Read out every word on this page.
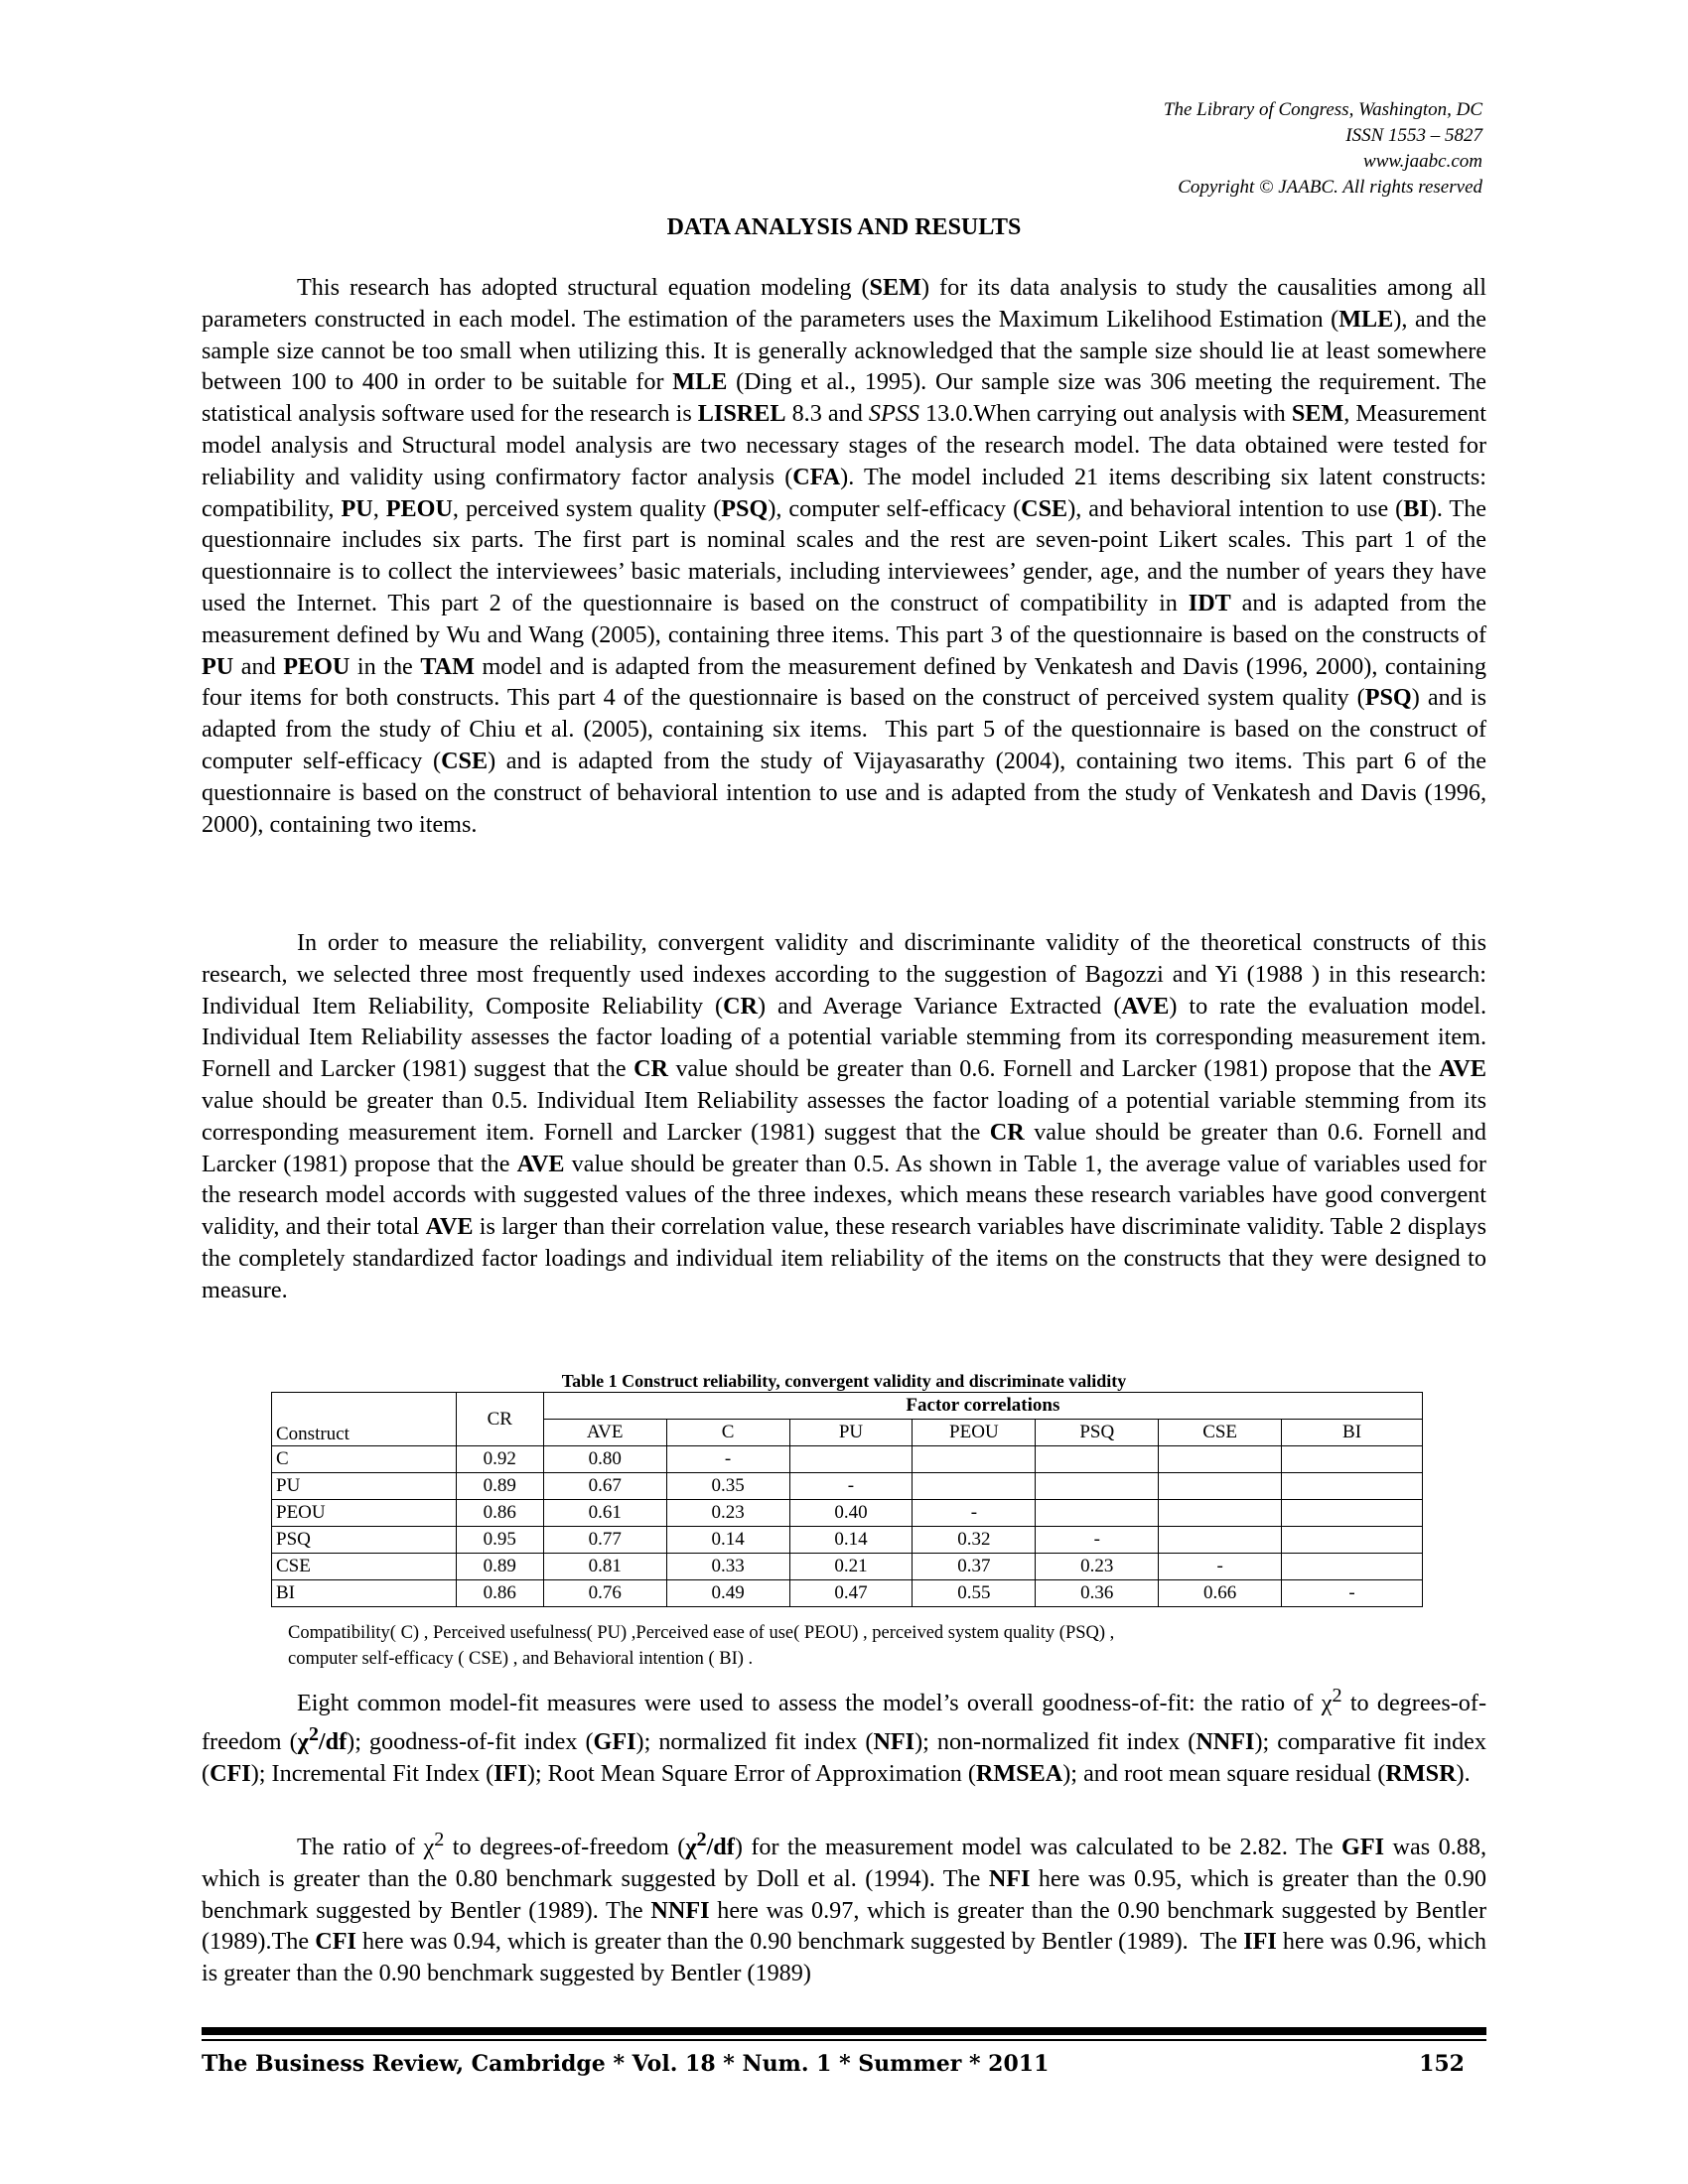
The Library of Congress, Washington, DC
ISSN 1553 – 5827
www.jaabc.com
Copyright © JAABC. All rights reserved
DATA ANALYSIS AND RESULTS

This research has adopted structural equation modeling (SEM) for its data analysis to study the causalities among all parameters constructed in each model. The estimation of the parameters uses the Maximum Likelihood Estimation (MLE), and the sample size cannot be too small when utilizing this. It is generally acknowledged that the sample size should lie at least somewhere between 100 to 400 in order to be suitable for MLE (Ding et al., 1995). Our sample size was 306 meeting the requirement. The statistical analysis software used for the research is LISREL 8.3 and SPSS 13.0.When carrying out analysis with SEM, Measurement model analysis and Structural model analysis are two necessary stages of the research model. The data obtained were tested for reliability and validity using confirmatory factor analysis (CFA). The model included 21 items describing six latent constructs: compatibility, PU, PEOU, perceived system quality (PSQ), computer self-efficacy (CSE), and behavioral intention to use (BI). The questionnaire includes six parts. The first part is nominal scales and the rest are seven-point Likert scales. This part 1 of the questionnaire is to collect the interviewees’ basic materials, including interviewees’ gender, age, and the number of years they have used the Internet. This part 2 of the questionnaire is based on the construct of compatibility in IDT and is adapted from the measurement defined by Wu and Wang (2005), containing three items. This part 3 of the questionnaire is based on the constructs of PU and PEOU in the TAM model and is adapted from the measurement defined by Venkatesh and Davis (1996, 2000), containing four items for both constructs. This part 4 of the questionnaire is based on the construct of perceived system quality (PSQ) and is adapted from the study of Chiu et al. (2005), containing six items.  This part 5 of the questionnaire is based on the construct of computer self-efficacy (CSE) and is adapted from the study of Vijayasarathy (2004), containing two items. This part 6 of the questionnaire is based on the construct of behavioral intention to use and is adapted from the study of Venkatesh and Davis (1996, 2000), containing two items.

In order to measure the reliability, convergent validity and discriminante validity of the theoretical constructs of this research, we selected three most frequently used indexes according to the suggestion of Bagozzi and Yi (1988 ) in this research: Individual Item Reliability, Composite Reliability (CR) and Average Variance Extracted (AVE) to rate the evaluation model. Individual Item Reliability assesses the factor loading of a potential variable stemming from its corresponding measurement item. Fornell and Larcker (1981) suggest that the CR value should be greater than 0.6. Fornell and Larcker (1981) propose that the AVE value should be greater than 0.5. Individual Item Reliability assesses the factor loading of a potential variable stemming from its corresponding measurement item. Fornell and Larcker (1981) suggest that the CR value should be greater than 0.6. Fornell and Larcker (1981) propose that the AVE value should be greater than 0.5. As shown in Table 1, the average value of variables used for the research model accords with suggested values of the three indexes, which means these research variables have good convergent validity, and their total AVE is larger than their correlation value, these research variables have discriminate validity. Table 2 displays the completely standardized factor loadings and individual item reliability of the items on the constructs that they were designed to measure.

Table 1 Construct reliability, convergent validity and discriminate validity
Construct	CR	Factor correlations						
		AVE	C	PU	PEOU	PSQ	CSE	BI
C	0.92	0.80	-					
PU	0.89	0.67	0.35	-				
PEOU	0.86	0.61	0.23	0.40	-			
PSQ	0.95	0.77	0.14	0.14	0.32	-		
CSE	0.89	0.81	0.33	0.21	0.37	0.23	-	
BI	0.86	0.76	0.49	0.47	0.55	0.36	0.66	-
Compatibility( C) , Perceived usefulness( PU) ,Perceived ease of use( PEOU) , perceived system quality (PSQ) ,
computer self-efficacy ( CSE) , and Behavioral intention ( BI) .

Eight common model-fit measures were used to assess the model’s overall goodness-of-fit: the ratio of $\chi^2$ to degrees-of-freedom $(\chi^2/df)$; goodness-of-fit index (GFI); normalized fit index (NFI); non-normalized fit index (NNFI); comparative fit index (CFI); Incremental Fit Index (IFI); Root Mean Square Error of Approximation (RMSEA); and root mean square residual (RMSR).

The ratio of $\chi^2$ to degrees-of-freedom $(\chi^2/df)$ for the measurement model was calculated to be 2.82. The GFI was 0.88, which is greater than the 0.80 benchmark suggested by Doll et al. (1994). The NFI here was 0.95, which is greater than the 0.90 benchmark suggested by Bentler (1989). The NNFI here was 0.97, which is greater than the 0.90 benchmark suggested by Bentler (1989).The CFI here was 0.94, which is greater than the 0.90 benchmark suggested by Bentler (1989).  The IFI here was 0.96, which is greater than the 0.90 benchmark suggested by Bentler (1989)

The Business Review, Cambridge * Vol. 18 * Num. 1 * Summer * 2011	152
